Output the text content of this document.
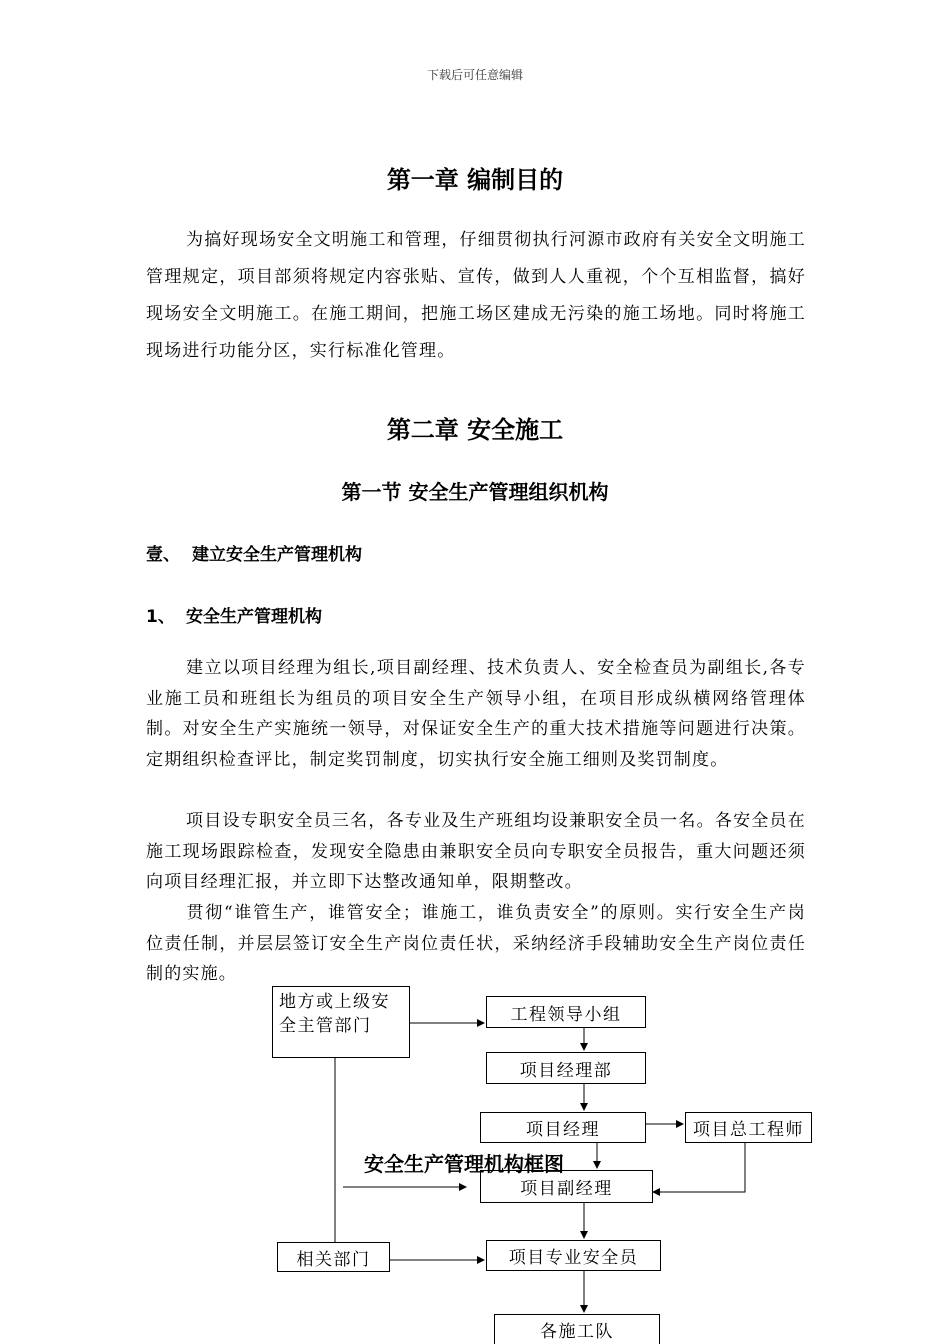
下载后可任意编辑
第一章 编制目的
为搞好现场安全文明施工和管理，仔细贯彻执行河源市政府有关安全文明施工管理规定，项目部须将规定内容张贴、宣传，做到人人重视，个个互相监督，搞好现场安全文明施工。在施工期间，把施工场区建成无污染的施工场地。同时将施工现场进行功能分区，实行标准化管理。
第二章 安全施工
第一节 安全生产管理组织机构
壹、 建立安全生产管理机构
1、 安全生产管理机构
建立以项目经理为组长,项目副经理、技术负责人、安全检查员为副组长,各专业施工员和班组长为组员的项目安全生产领导小组，在项目形成纵横网络管理体制。对安全生产实施统一领导，对保证安全生产的重大技术措施等问题进行决策。定期组织检查评比，制定奖罚制度，切实执行安全施工细则及奖罚制度。
项目设专职安全员三名，各专业及生产班组均设兼职安全员一名。各安全员在施工现场跟踪检查，发现安全隐患由兼职安全员向专职安全员报告，重大问题还须向项目经理汇报，并立即下达整改通知单，限期整改。
贯彻“谁管生产，谁管安全；谁施工，谁负责安全”的原则。实行安全生产岗位责任制，并层层签订安全生产岗位责任状，采纳经济手段辅助安全生产岗位责任制的实施。
地方或上级安全主管部门
工程领导小组
项目经理部
项目经理	项目总工程师
项目副经理
相关部门	项目专业安全员
各施工队
安全生产管理机构框图
